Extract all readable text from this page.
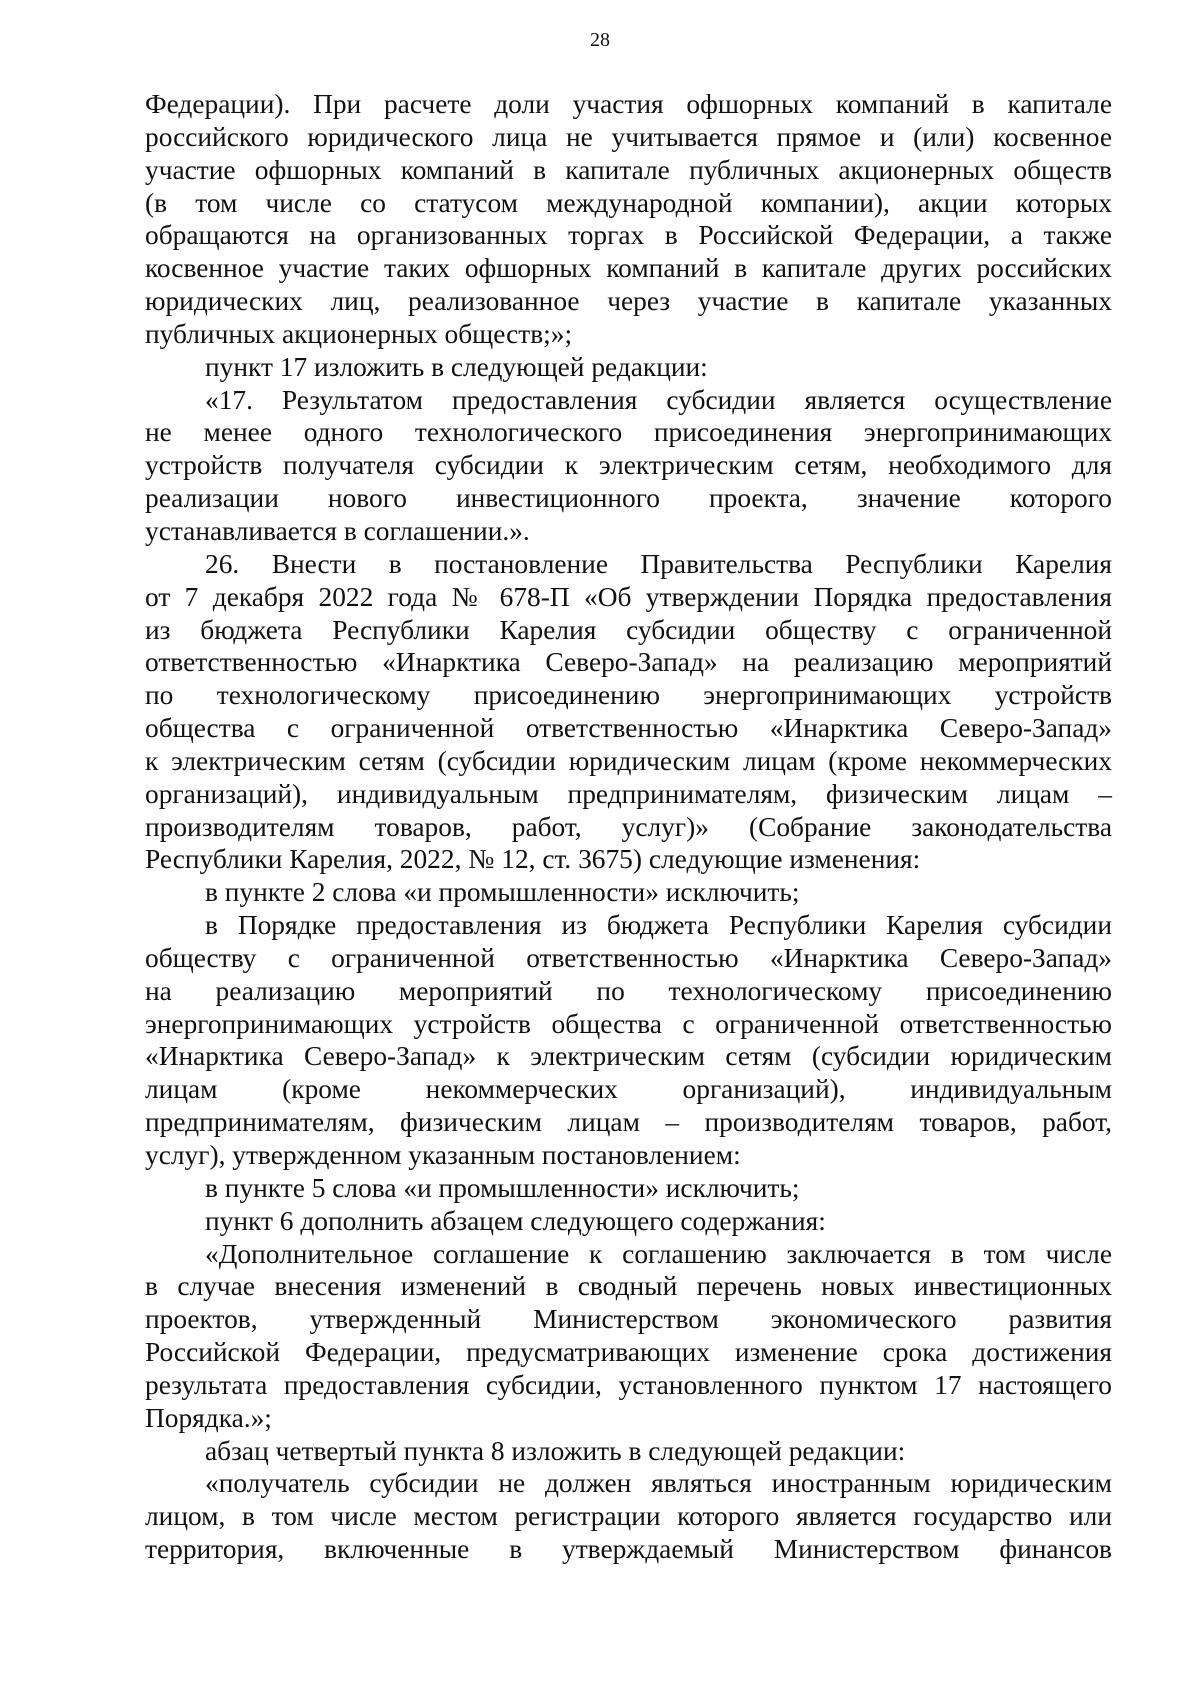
28
Федерации). При расчете доли участия офшорных компаний в капитале
российского юридического лица не учитывается прямое и (или) косвенное
участие офшорных компаний в капитале публичных акционерных обществ
(в том числе со статусом международной компании), акции которых
обращаются на организованных торгах в Российской Федерации, а также
косвенное участие таких офшорных компаний в капитале других российских
юридических лиц, реализованное через участие в капитале указанных
публичных акционерных обществ;»;
пункт 17 изложить в следующей редакции:
«17. Результатом предоставления субсидии является осуществление
не менее одного технологического присоединения энергопринимающих
устройств получателя субсидии к электрическим сетям, необходимого для
реализации нового инвестиционного проекта, значение которого
устанавливается в соглашении.».
26. Внести в постановление Правительства Республики Карелия
от 7 декабря 2022 года № 678-П «Об утверждении Порядка предоставления
из бюджета Республики Карелия субсидии обществу с ограниченной
ответственностью «Инарктика Северо-Запад» на реализацию мероприятий
по технологическому присоединению энергопринимающих устройств
общества с ограниченной ответственностью «Инарктика Северо-Запад»
к электрическим сетям (субсидии юридическим лицам (кроме некоммерческих
организаций), индивидуальным предпринимателям, физическим лицам –
производителям товаров, работ, услуг)» (Собрание законодательства
Республики Карелия, 2022, № 12, ст. 3675) следующие изменения:
в пункте 2 слова «и промышленности» исключить;
в Порядке предоставления из бюджета Республики Карелия субсидии
обществу с ограниченной ответственностью «Инарктика Северо-Запад»
на реализацию мероприятий по технологическому присоединению
энергопринимающих устройств общества с ограниченной ответственностью
«Инарктика Северо-Запад» к электрическим сетям (субсидии юридическим
лицам (кроме некоммерческих организаций), индивидуальным
предпринимателям, физическим лицам – производителям товаров, работ,
услуг), утвержденном указанным постановлением:
в пункте 5 слова «и промышленности» исключить;
пункт 6 дополнить абзацем следующего содержания:
«Дополнительное соглашение к соглашению заключается в том числе
в случае внесения изменений в сводный перечень новых инвестиционных
проектов, утвержденный Министерством экономического развития
Российской Федерации, предусматривающих изменение срока достижения
результата предоставления субсидии, установленного пунктом 17 настоящего
Порядка.»;
абзац четвертый пункта 8 изложить в следующей редакции:
«получатель субсидии не должен являться иностранным юридическим
лицом, в том числе местом регистрации которого является государство или
территория, включенные в утверждаемый Министерством финансов
